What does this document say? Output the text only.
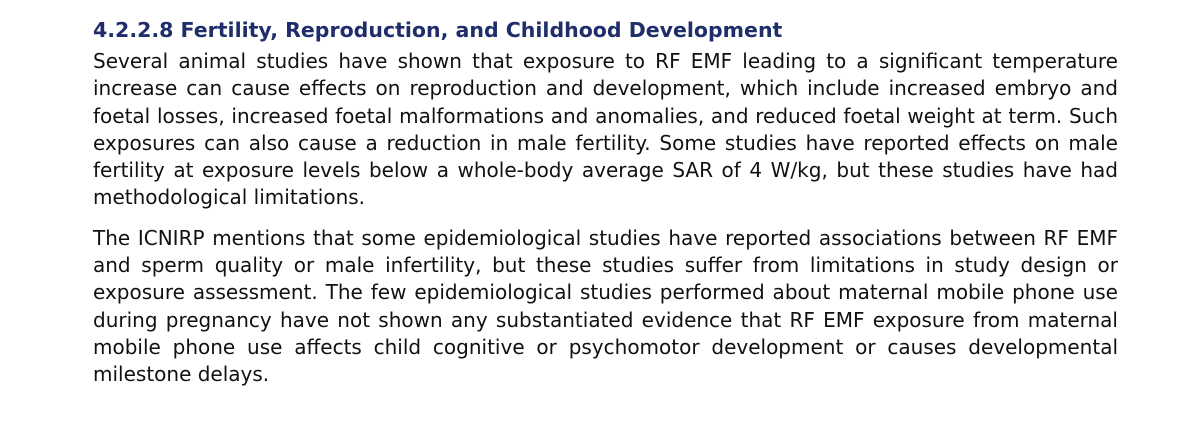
4.2.2.8 Fertility, Reproduction, and Childhood Development

Several animal studies have shown that exposure to RF EMF leading to a significant temperature increase can cause effects on reproduction and development, which include increased embryo and foetal losses, increased foetal malformations and anomalies, and reduced foetal weight at term. Such exposures can also cause a reduction in male fertility. Some studies have reported effects on male fertility at exposure levels below a whole-body average SAR of 4 W/kg, but these studies have had methodological limitations.

The ICNIRP mentions that some epidemiological studies have reported associations between RF EMF and sperm quality or male infertility, but these studies suffer from limitations in study design or exposure assessment. The few epidemiological studies performed about maternal mobile phone use during pregnancy have not shown any substantiated evidence that RF EMF exposure from maternal mobile phone use affects child cognitive or psychomotor development or causes developmental milestone delays.
